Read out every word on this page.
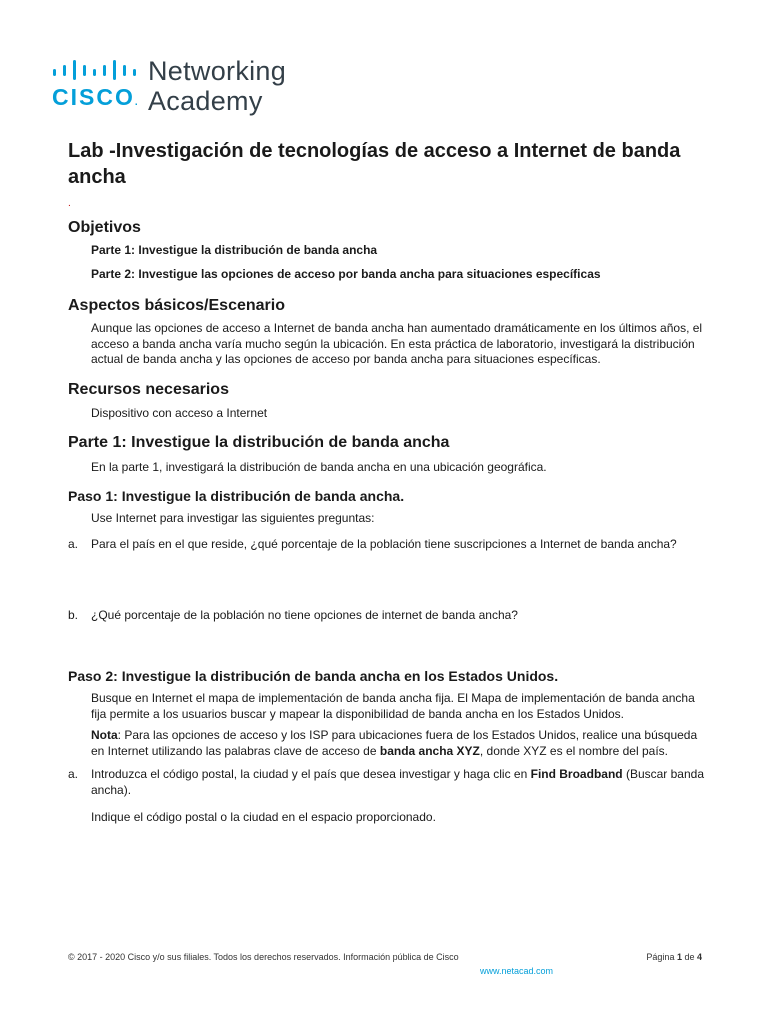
CISCO.
Networking
Academy
Lab -Investigación de tecnologías de acceso a Internet de banda ancha
.
Objetivos

Parte 1: Investigue la distribución de banda ancha

Parte 2: Investigue las opciones de acceso por banda ancha para situaciones específicas

Aspectos básicos/Escenario

Aunque las opciones de acceso a Internet de banda ancha han aumentado dramáticamente en los últimos años, el acceso a banda ancha varía mucho según la ubicación. En esta práctica de laboratorio, investigará la distribución actual de banda ancha y las opciones de acceso por banda ancha para situaciones específicas.

Recursos necesarios

Dispositivo con acceso a Internet

Parte 1: Investigue la distribución de banda ancha

En la parte 1, investigará la distribución de banda ancha en una ubicación geográfica.

Paso 1: Investigue la distribución de banda ancha.

Use Internet para investigar las siguientes preguntas:

a. Para el país en el que reside, ¿qué porcentaje de la población tiene suscripciones a Internet de banda ancha?
b. ¿Qué porcentaje de la población no tiene opciones de internet de banda ancha?
Paso 2: Investigue la distribución de banda ancha en los Estados Unidos.

Busque en Internet el mapa de implementación de banda ancha fija. El Mapa de implementación de banda ancha fija permite a los usuarios buscar y mapear la disponibilidad de banda ancha en los Estados Unidos.

Nota: Para las opciones de acceso y los ISP para ubicaciones fuera de los Estados Unidos, realice una búsqueda en Internet utilizando las palabras clave de acceso de banda ancha XYZ, donde XYZ es el nombre del país.

a. Introduzca el código postal, la ciudad y el país que desea investigar y haga clic en Find Broadband (Buscar banda ancha).
Indique el código postal o la ciudad en el espacio proporcionado.
© 2017 - 2020 Cisco y/o sus filiales. Todos los derechos reservados. Información pública de Cisco	Página 1 de 4
www.netacad.com
